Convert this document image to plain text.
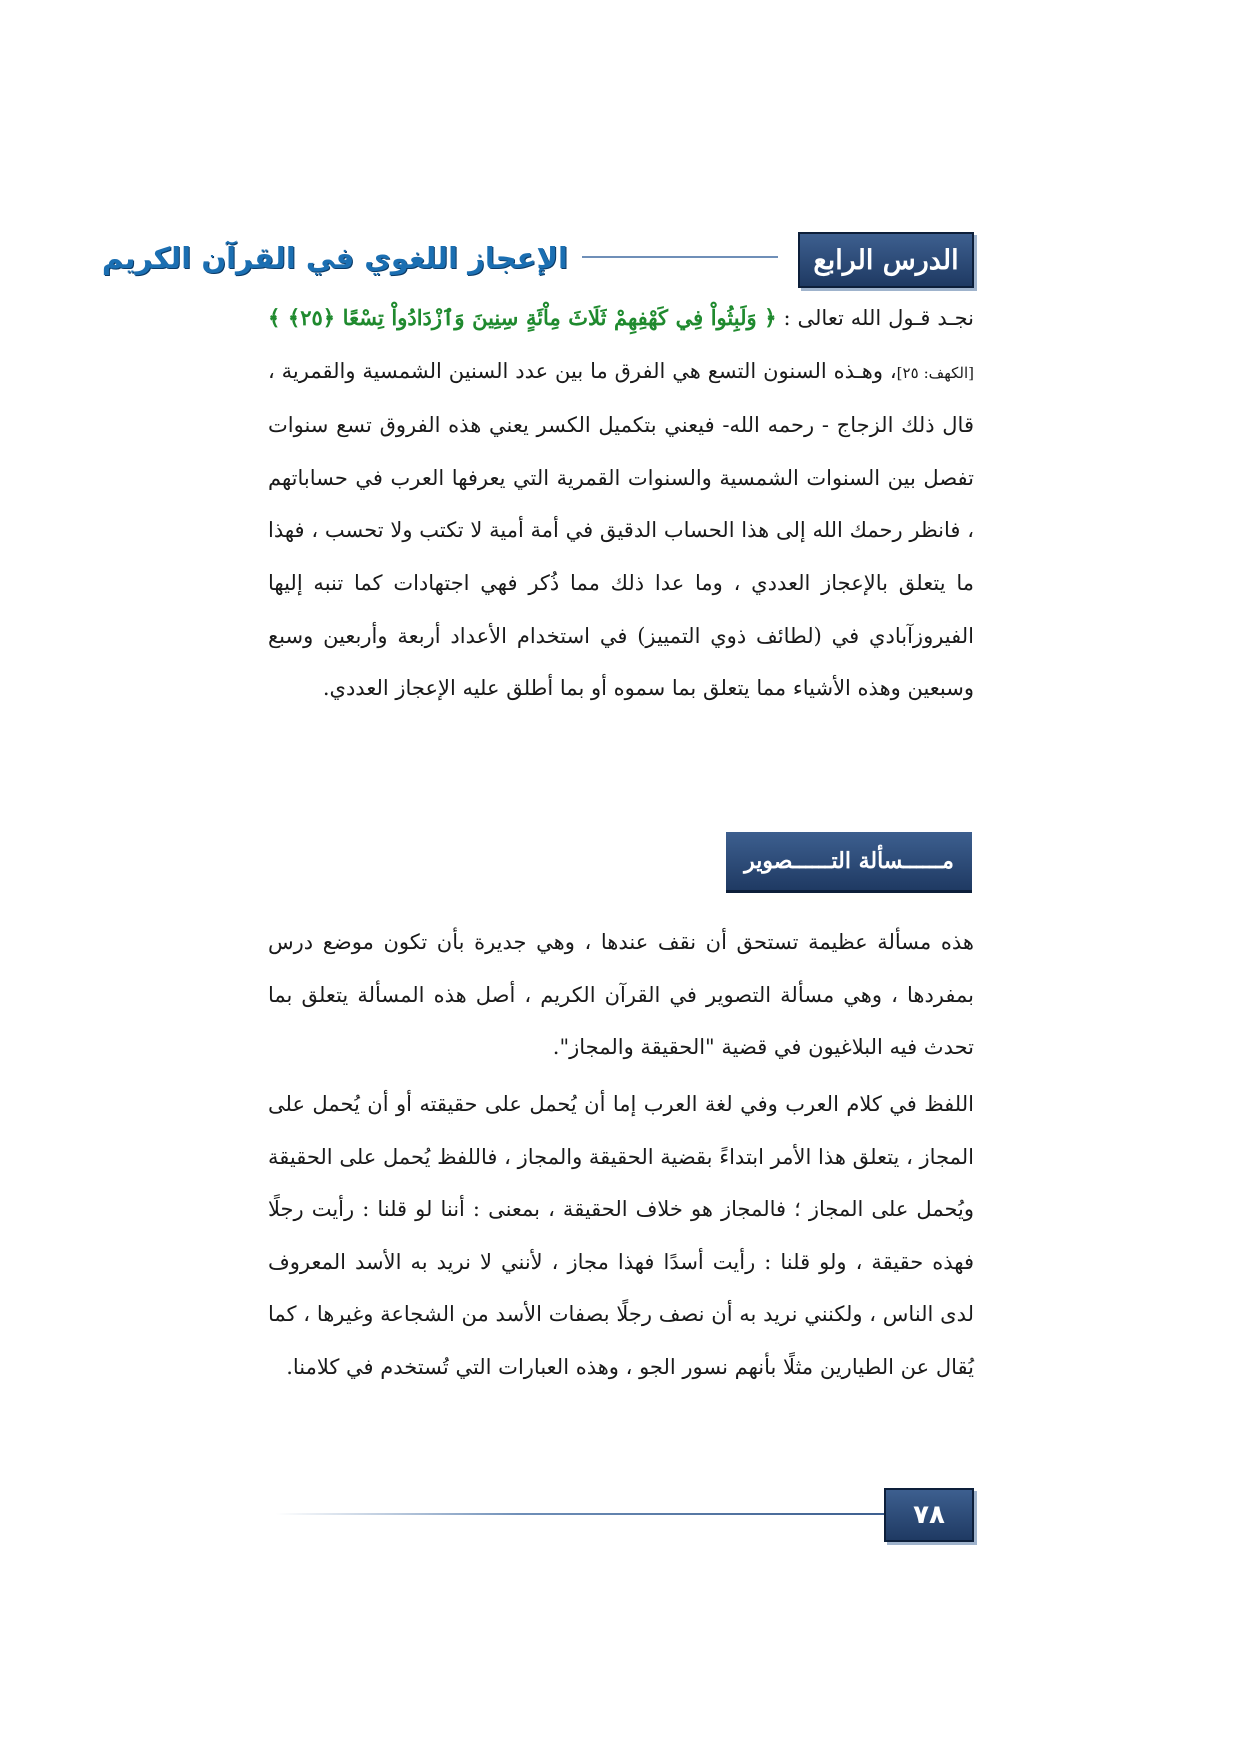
الدرس الرابع
الإعجاز اللغوي في القرآن الكريم

نجـد قـول الله تعالى : ﴿ وَلَبِثُواْ فِي كَهْفِهِمْ ثَلَاثَ مِاْئَةٍ سِنِينَ وَٱزْدَادُواْ تِسْعًا ﴿٢٥﴾ ﴾ [الكهف: ٢٥]، وهـذه السنون التسع هي الفرق ما بين عدد السنين الشمسية والقمرية ، قال ذلك الزجاج - رحمه الله- فيعني بتكميل الكسر يعني هذه الفروق تسع سنوات تفصل بين السنوات الشمسية والسنوات القمرية التي يعرفها العرب في حساباتهم ، فانظر رحمك الله إلى هذا الحساب الدقيق في أمة أمية لا تكتب ولا تحسب ، فهذا ما يتعلق بالإعجاز العددي ، وما عدا ذلك مما ذُكر فهي اجتهادات كما تنبه إليها الفيروزآبادي في (لطائف ذوي التمييز) في استخدام الأعداد أربعة وأربعين وسبع وسبعين وهذه الأشياء مما يتعلق بما سموه أو بما أطلق عليه الإعجاز العددي.

مــــــسألة التــــــصوير

هذه مسألة عظيمة تستحق أن نقف عندها ، وهي جديرة بأن تكون موضع درس بمفردها ، وهي مسألة التصوير في القرآن الكريم ، أصل هذه المسألة يتعلق بما تحدث فيه البلاغيون في قضية "الحقيقة والمجاز".

اللفظ في كلام العرب وفي لغة العرب إما أن يُحمل على حقيقته أو أن يُحمل على المجاز ، يتعلق هذا الأمر ابتداءً بقضية الحقيقة والمجاز ، فاللفظ يُحمل على الحقيقة ويُحمل على المجاز ؛ فالمجاز هو خلاف الحقيقة ، بمعنى : أننا لو قلنا : رأيت رجلًا فهذه حقيقة ، ولو قلنا : رأيت أسدًا فهذا مجاز ، لأنني لا نريد به الأسد المعروف لدى الناس ، ولكنني نريد به أن نصف رجلًا بصفات الأسد من الشجاعة وغيرها ، كما يُقال عن الطيارين مثلًا بأنهم نسور الجو ، وهذه العبارات التي تُستخدم في كلامنا.

٧٨
